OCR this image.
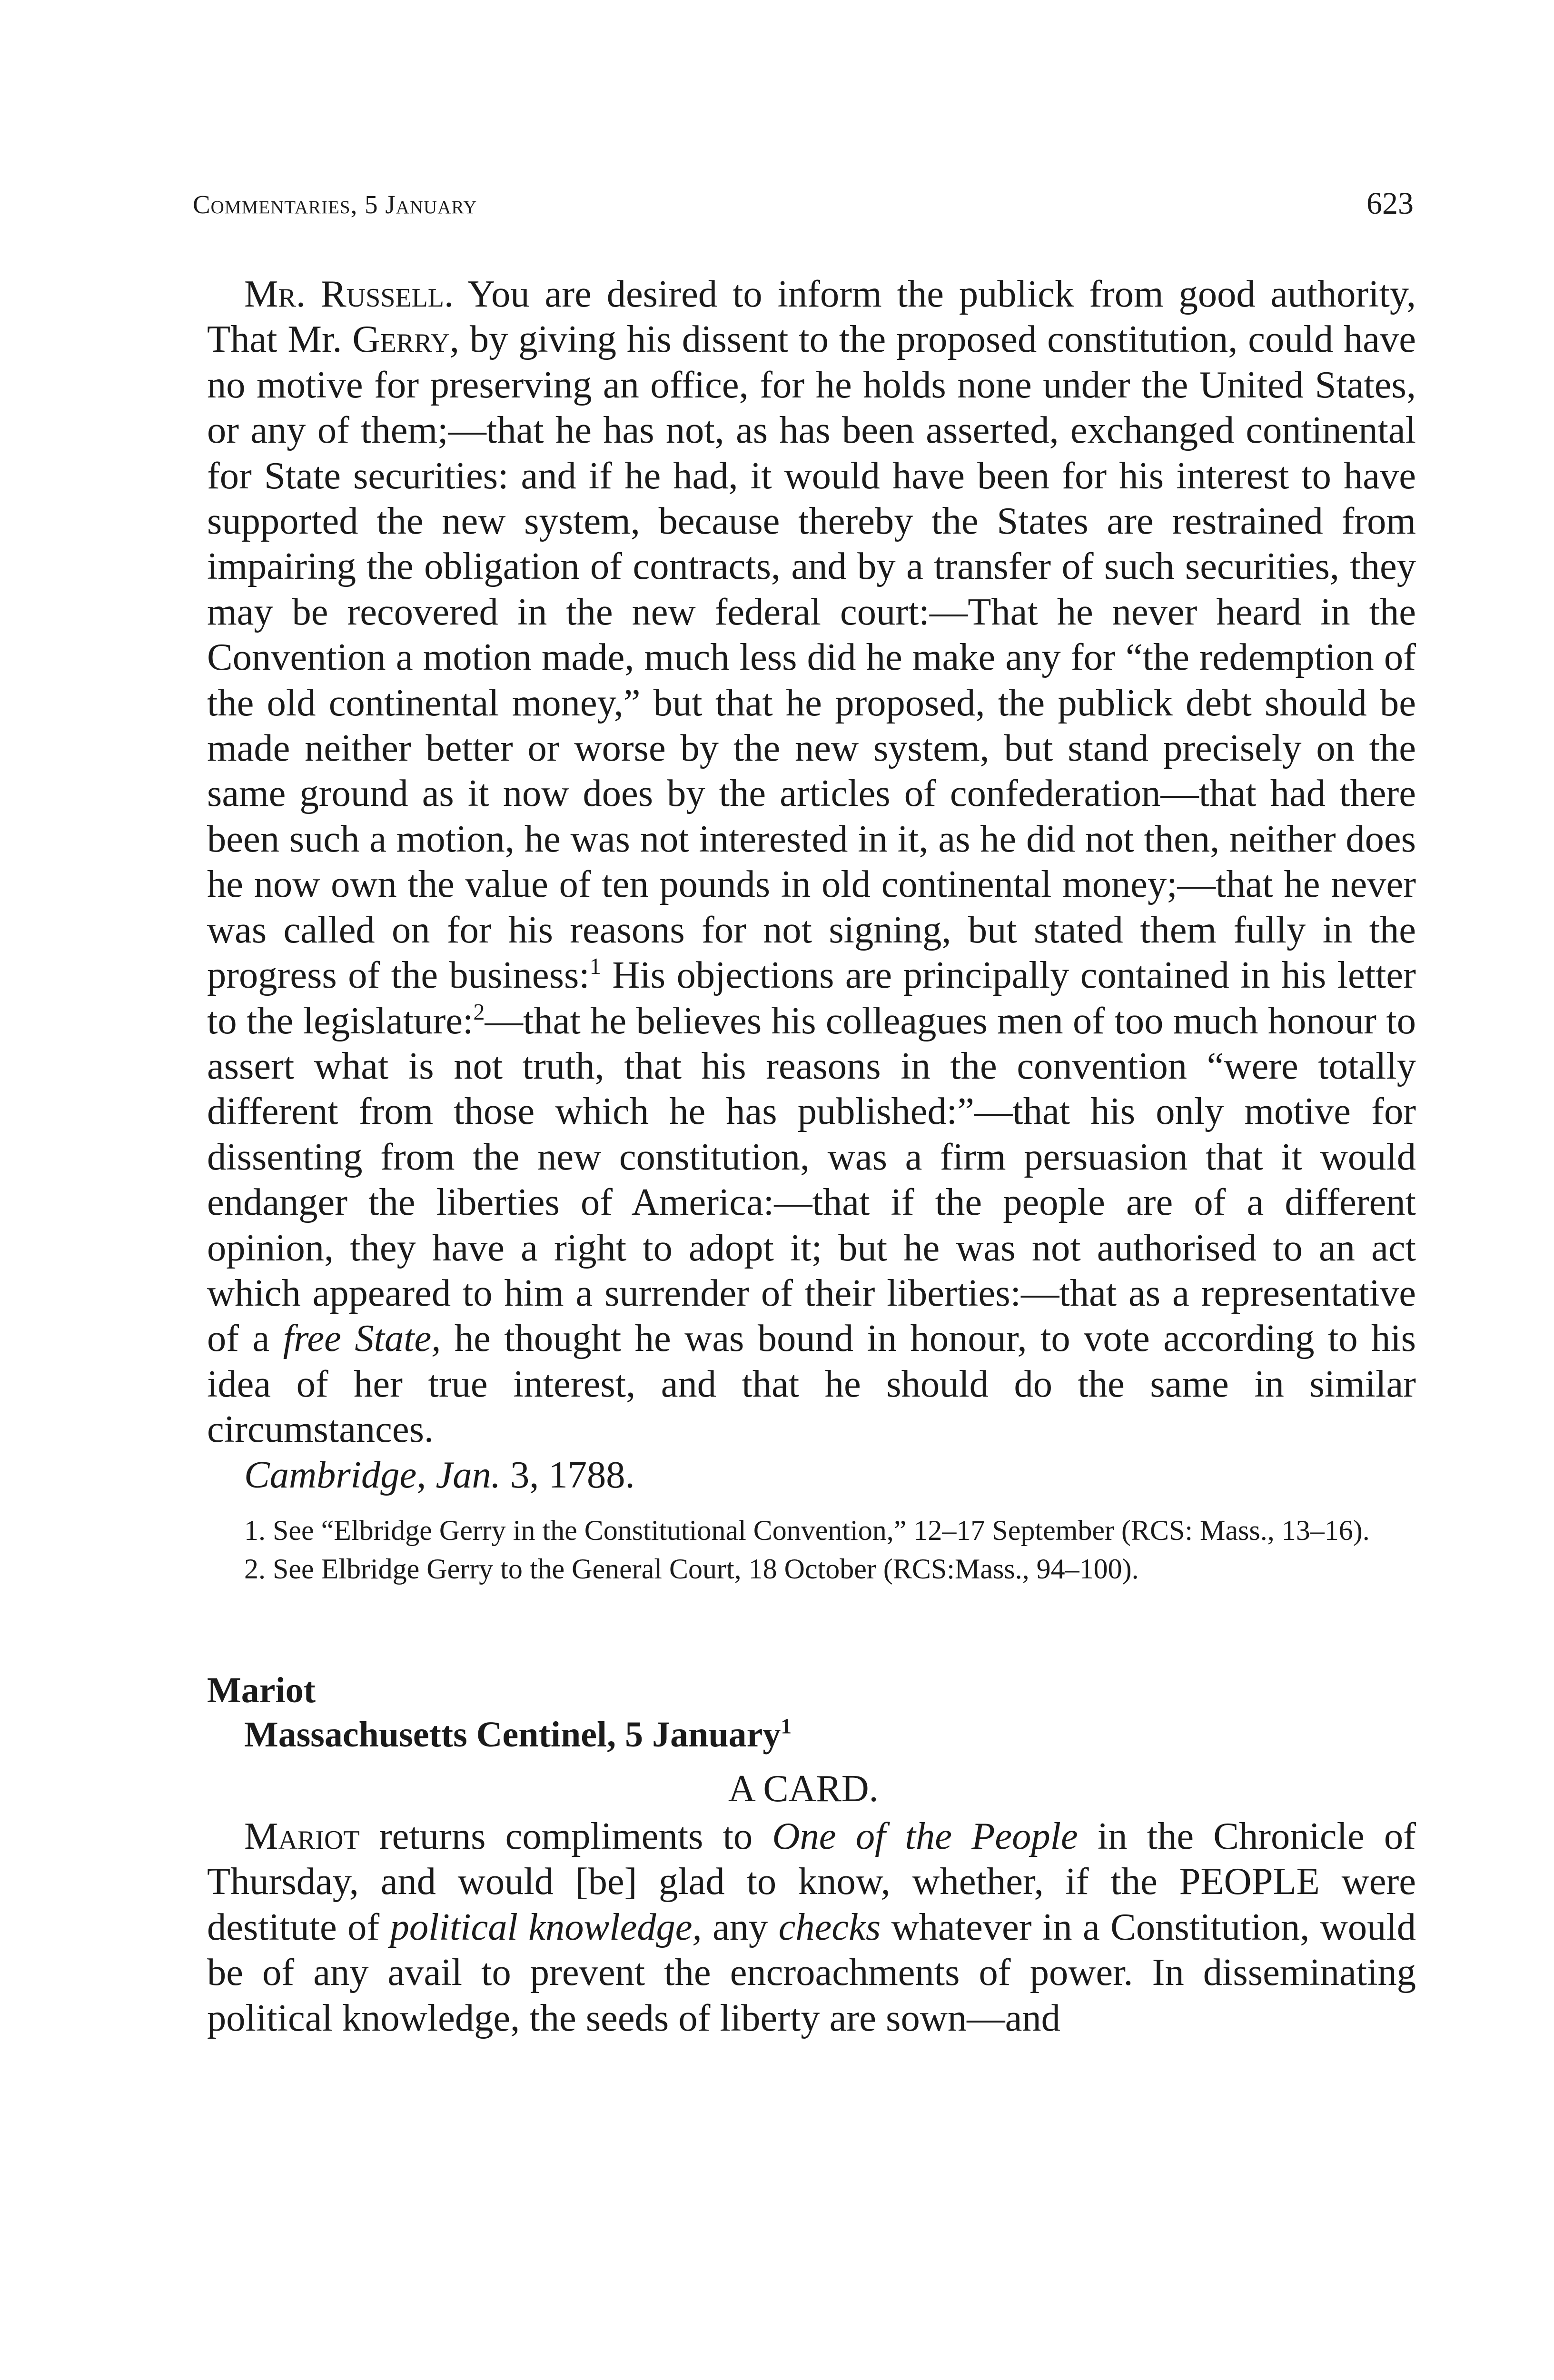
Commentaries, 5 January	623

Mr. Russell. You are desired to inform the publick from good authority, That Mr. Gerry, by giving his dissent to the proposed constitution, could have no motive for preserving an office, for he holds none under the United States, or any of them;—that he has not, as has been asserted, exchanged continental for State securities: and if he had, it would have been for his interest to have supported the new system, because thereby the States are restrained from impairing the obligation of contracts, and by a transfer of such securities, they may be recovered in the new federal court:—That he never heard in the Convention a motion made, much less did he make any for “the redemption of the old continental money,” but that he proposed, the publick debt should be made neither better or worse by the new system, but stand precisely on the same ground as it now does by the articles of confederation—that had there been such a motion, he was not interested in it, as he did not then, neither does he now own the value of ten pounds in old continental money;—that he never was called on for his reasons for not signing, but stated them fully in the progress of the business:$^1$ His objections are principally contained in his letter to the legislature:$^2$—that he believes his colleagues men of too much honour to assert what is not truth, that his reasons in the convention “were totally different from those which he has published:”—that his only motive for dissenting from the new constitution, was a firm persuasion that it would endanger the liberties of America:—that if the people are of a different opinion, they have a right to adopt it; but he was not authorised to an act which appeared to him a surrender of their liberties:—that as a representative of a free State, he thought he was bound in honour, to vote according to his idea of her true interest, and that he should do the same in similar circumstances.

Cambridge, Jan. 3, 1788.

1. See “Elbridge Gerry in the Constitutional Convention,” 12–17 September (RCS: Mass., 13–16).

2. See Elbridge Gerry to the General Court, 18 October (RCS:Mass., 94–100).

Mariot
Massachusetts Centinel, 5 January$^1$
A CARD.

Mariot returns compliments to One of the People in the Chronicle of Thursday, and would [be] glad to know, whether, if the PEOPLE were destitute of political knowledge, any checks whatever in a Constitution, would be of any avail to prevent the encroachments of power. In disseminating political knowledge, the seeds of liberty are sown—and
